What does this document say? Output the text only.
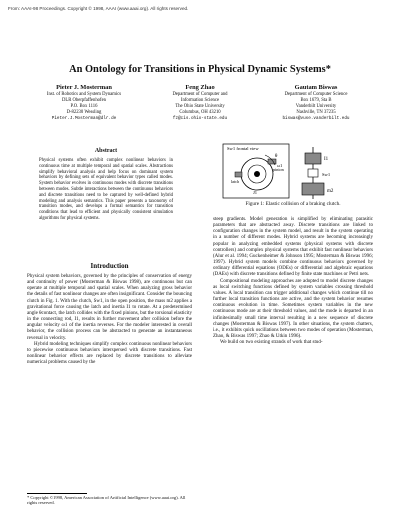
From: AAAI-98 Proceedings. Copyright © 1998, AAAI (www.aaai.org). All rights reserved.
An Ontology for Transitions in Physical Dynamic Systems*
Pieter J. Mosterman
Inst. of Robotics and System Dynamics
DLR Oberpfaffenhofen
P.O. Box 1116
D-82230 Wessling
Pieter.J.Mosterman@dlr.de
Feng Zhao
Department of Computer and
Information Science
The Ohio State University
Columbus, OH 43210
fz@cis.ohio-state.edu
Gautam Biswas
Department of Computer Science
Box 1679, Sta B
Vanderbilt University
Nashville, TN 37235
biswas@vuse.vanderbilt.edu
Abstract

Physical systems often exhibit complex nonlinear behaviors in continuous time at multiple temporal and spatial scales. Abstractions simplify behavioral analysis and help focus on dominant system behaviors by defining sets of equivalent behavior types called modes. System behavior evolves in continuous modes with discrete transitions between modes. Subtle interactions between the continuous behaviors and discrete transitions need to be captured by well-defined hybrid modeling and analysis semantics. This paper presents a taxonomy of transition modes, and develops a formal semantics for transition conditions that lead to efficient and physically consistent simulation algorithms for physical systems.

Introduction

Physical system behaviors, governed by the principles of conservation of energy and continuity of power (Mosterman & Biswas 1998), are continuous but can operate at multiple temporal and spatial scales. When analyzing gross behavior the details of fast nonlinear changes are often insignificant. Consider the bouncing clutch in Fig. 1. With the clutch, Sw1, in the open position, the mass m2 applies a gravitational force causing the latch and inertia I1 to rotate. At a predetermined angle θcontact, the latch collides with the fixed pinions, but the torsional elasticity in the connecting rod, I1, results in further movement after collision before the angular velocity ω1 of the inertia reverses. For the modeler interested in overall behavior, the collision process can be abstracted to generate an instantaneous reversal in velocity.

Hybrid modeling techniques simplify complex continuous nonlinear behaviors to piecewise continuous behaviors interspersed with discrete transitions. Fast nonlinear behavior effects are replaced by discrete transitions to alleviate numerical problems caused by the

* Copyright ©1998, American Association of Artificial Intelligence (www.aaai.org). All rights reserved.
Sw1 frontal view
θ
ω1
pinion
latch
J1
I1
Sw1
m2
Figure 1: Elastic collision of a braking clutch.

steep gradients. Model generation is simplified by eliminating parasitic parameters that are abstracted away. Discrete transitions are linked to configuration changes in the system model, and result in the system operating in a number of different modes. Hybrid systems are becoming increasingly popular in analyzing embedded systems (physical systems with discrete controllers) and complex physical systems that exhibit fast nonlinear behaviors (Alur et al. 1994; Guckenheimer & Johnson 1995; Mosterman & Biswas 1996; 1997). Hybrid system models combine continuous behaviors governed by ordinary differential equations (ODEs) or differential and algebraic equations (DAEs) with discrete transitions defined by finite state machines or Petri nets.

Compositional modeling approaches are adopted to model discrete changes as local switching functions defined by system variables crossing threshold values. A local transition can trigger additional changes which continue till no further local transition functions are active, and the system behavior resumes continuous evolution in time. Sometimes system variables in the new continuous mode are at their threshold values, and the mode is departed in an infinitesimally small time interval resulting in a new sequence of discrete changes (Mosterman & Biswas 1997). In other situations, the system chatters, i.e., it exhibits quick oscillations between two modes of operation (Mosterman, Zhao, & Biswas 1997; Zhao & Utkin 1996).

We build on two existing strands of work that stud-
